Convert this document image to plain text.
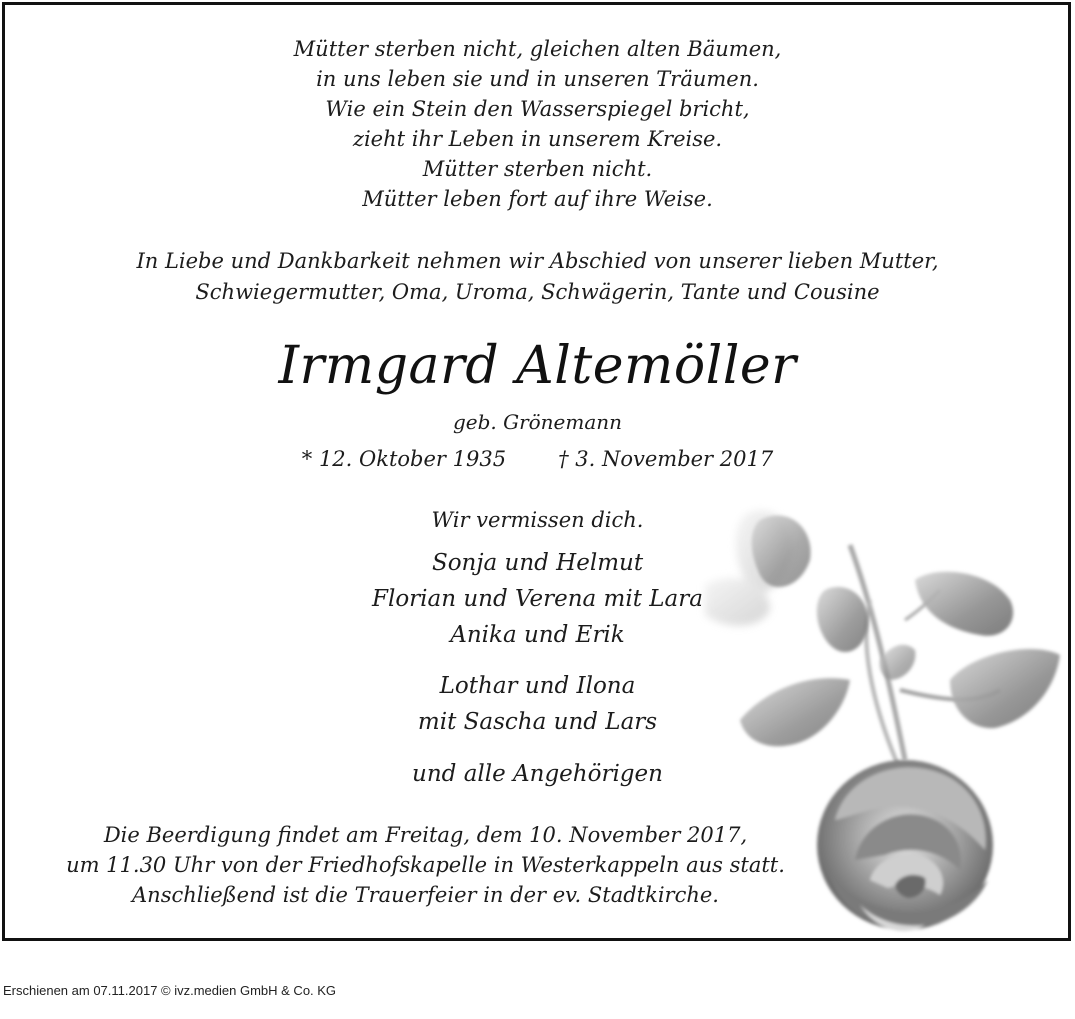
Mütter sterben nicht, gleichen alten Bäumen,
in uns leben sie und in unseren Träumen.
Wie ein Stein den Wasserspiegel bricht,
zieht ihr Leben in unserem Kreise.
Mütter sterben nicht.
Mütter leben fort auf ihre Weise.
In Liebe und Dankbarkeit nehmen wir Abschied von unserer lieben Mutter,
Schwiegermutter, Oma, Uroma, Schwägerin, Tante und Cousine
Irmgard Altemöller
geb. Grönemann
* 12. Oktober 1935 † 3. November 2017
Wir vermissen dich.
Sonja und Helmut
Florian und Verena mit Lara
Anika und Erik
Lothar und Ilona
mit Sascha und Lars
und alle Angehörigen
Die Beerdigung findet am Freitag, dem 10. November 2017,
um 11.30 Uhr von der Friedhofskapelle in Westerkappeln aus statt.
Anschließend ist die Trauerfeier in der ev. Stadtkirche.
Erschienen am 07.11.2017 © ivz.medien GmbH & Co. KG
